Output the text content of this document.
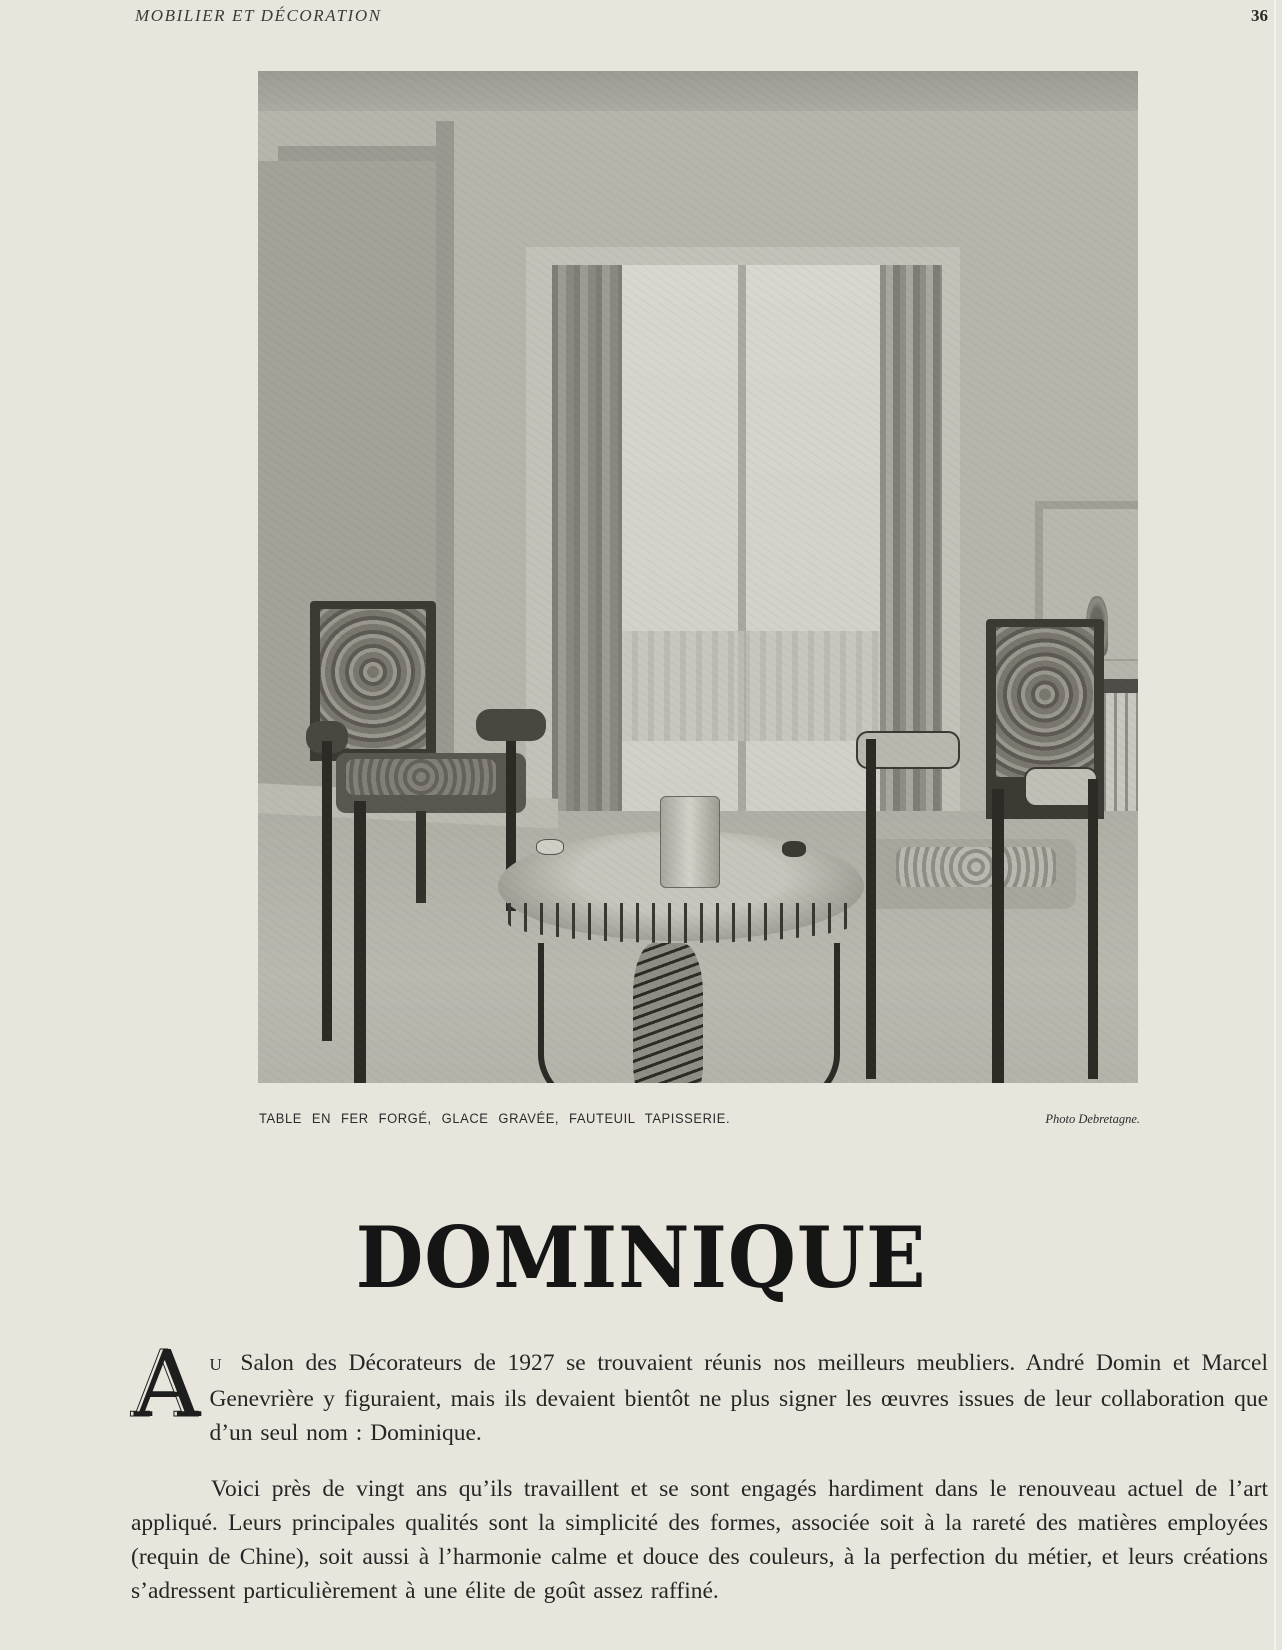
MOBILIER ET DÉCORATION	36
TABLE EN FER FORGÉ, GLACE GRAVÉE, FAUTEUIL TAPISSERIE.	Photo Debretagne.
DOMINIQUE
A U Salon des Décorateurs de 1927 se trouvaient réunis nos meilleurs meubliers. André Domin et Marcel Genevrière y figuraient, mais ils devaient bientôt ne plus signer les œuvres issues de leur collaboration que d’un seul nom : Dominique.
Voici près de vingt ans qu’ils travaillent et se sont engagés hardiment dans le renouveau actuel de l’art appliqué. Leurs principales qualités sont la simplicité des formes, associée soit à la rareté des matières employées (requin de Chine), soit aussi à l’harmonie calme et douce des couleurs, à la perfection du métier, et leurs créations s’adressent particulièrement à une élite de goût assez raffiné.
